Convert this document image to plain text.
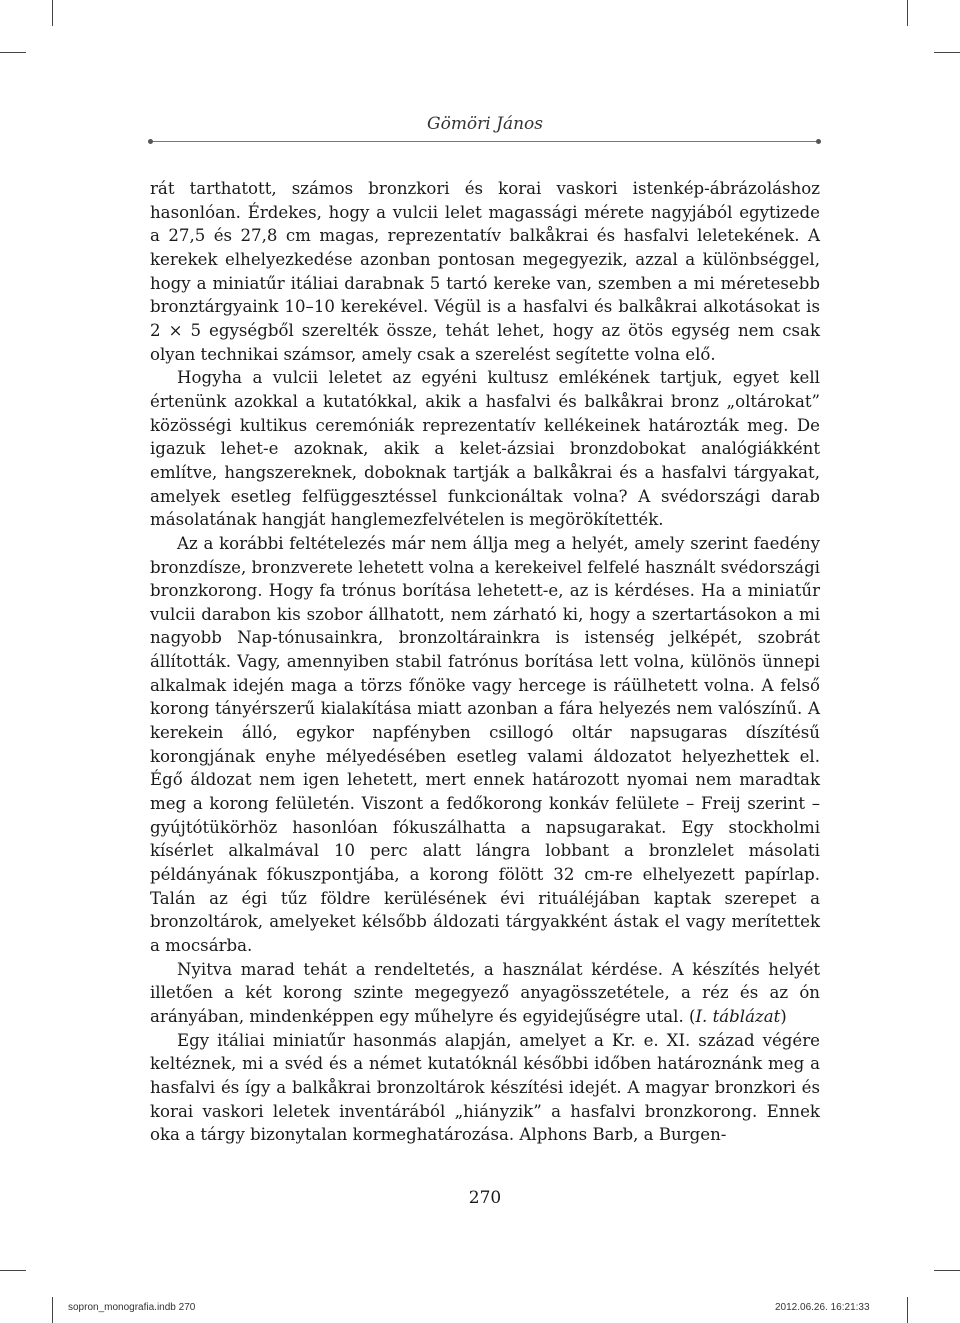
Gömöri János

rát tarthatott, számos bronzkori és korai vaskori istenkép-ábrázoláshoz hasonlóan. Érdekes, hogy a vulcii lelet magassági mérete nagyjából egytizede a 27,5 és 27,8 cm magas, reprezentatív balkåkrai és hasfalvi leletekének. A kerekek elhelyezkedése azonban pontosan megegyezik, azzal a különbséggel, hogy a miniatűr itáliai darabnak 5 tartó kereke van, szemben a mi méretesebb bronztárgyaink 10–10 kerekével. Végül is a hasfalvi és balkåkrai alkotásokat is 2 × 5 egységből szerelték össze, tehát lehet, hogy az ötös egység nem csak olyan technikai számsor, amely csak a szerelést segítette volna elő.

Hogyha a vulcii leletet az egyéni kultusz emlékének tartjuk, egyet kell értenünk azokkal a kutatókkal, akik a hasfalvi és balkåkrai bronz „oltárokat” közösségi kultikus ceremóniák reprezentatív kellékeinek határozták meg. De igazuk lehet-e azoknak, akik a kelet-ázsiai bronzdobokat analógiákként említve, hangszereknek, doboknak tartják a balkåkrai és a hasfalvi tárgyakat, amelyek esetleg felfüggesztéssel funkcionáltak volna? A svédországi darab másolatának hangját hanglemezfelvételen is megörökítették.

Az a korábbi feltételezés már nem állja meg a helyét, amely szerint faedény bronzdísze, bronzverete lehetett volna a kerekeivel felfelé használt svédországi bronzkorong. Hogy fa trónus borítása lehetett-e, az is kérdéses. Ha a miniatűr vulcii darabon kis szobor állhatott, nem zárható ki, hogy a szertartásokon a mi nagyobb Nap-tónusainkra, bronzoltárainkra is istenség jelképét, szobrát állították. Vagy, amennyiben stabil fatrónus borítása lett volna, különös ünnepi alkalmak idején maga a törzs főnöke vagy hercege is ráülhetett volna. A felső korong tányérszerű kialakítása miatt azonban a fára helyezés nem valószínű. A kerekein álló, egykor napfényben csillogó oltár napsugaras díszítésű korongjának enyhe mélyedésében esetleg valami áldozatot helyezhettek el. Égő áldozat nem igen lehetett, mert ennek határozott nyomai nem maradtak meg a korong felületén. Viszont a fedőkorong konkáv felülete – Freij szerint – gyújtótükörhöz hasonlóan fókuszálhatta a napsugarakat. Egy stockholmi kísérlet alkalmával 10 perc alatt lángra lobbant a bronzlelet másolati példányának fókuszpontjába, a korong fölött 32 cm-re elhelyezett papírlap. Talán az égi tűz földre kerülésének évi rituáléjában kaptak szerepet a bronzoltárok, amelyeket kélsőbb áldozati tárgyakként ástak el vagy merítettek a mocsárba.

Nyitva marad tehát a rendeltetés, a használat kérdése. A készítés helyét illetően a két korong szinte megegyező anyagösszetétele, a réz és az ón arányában, mindenképpen egy műhelyre és egyidejűségre utal. (I. táblázat)

Egy itáliai miniatűr hasonmás alapján, amelyet a Kr. e. XI. század végére keltéznek, mi a svéd és a német kutatóknál későbbi időben határoznánk meg a hasfalvi és így a balkåkrai bronzoltárok készítési idejét. A magyar bronzkori és korai vaskori leletek inventárából „hiányzik” a hasfalvi bronzkorong. Ennek oka a tárgy bizonytalan kormeghatározása. Alphons Barb, a Burgen-

270
sopron_monografia.indb 270	2012.06.26. 16:21:33
